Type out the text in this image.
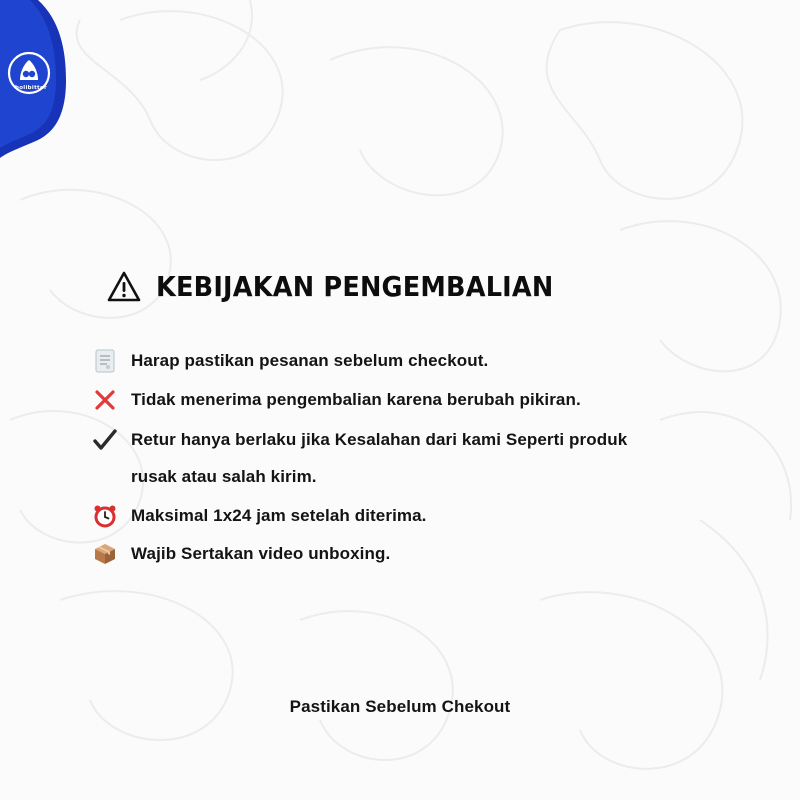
bolibitter
KEBIJAKAN PENGEMBALIAN
Harap pastikan pesanan sebelum checkout.
Tidak menerima pengembalian karena berubah pikiran.
Retur hanya berlaku jika Kesalahan dari kami Seperti produk
rusak atau salah kirim.
Maksimal 1x24 jam setelah diterima.
Wajib Sertakan video unboxing.
Pastikan Sebelum Chekout
